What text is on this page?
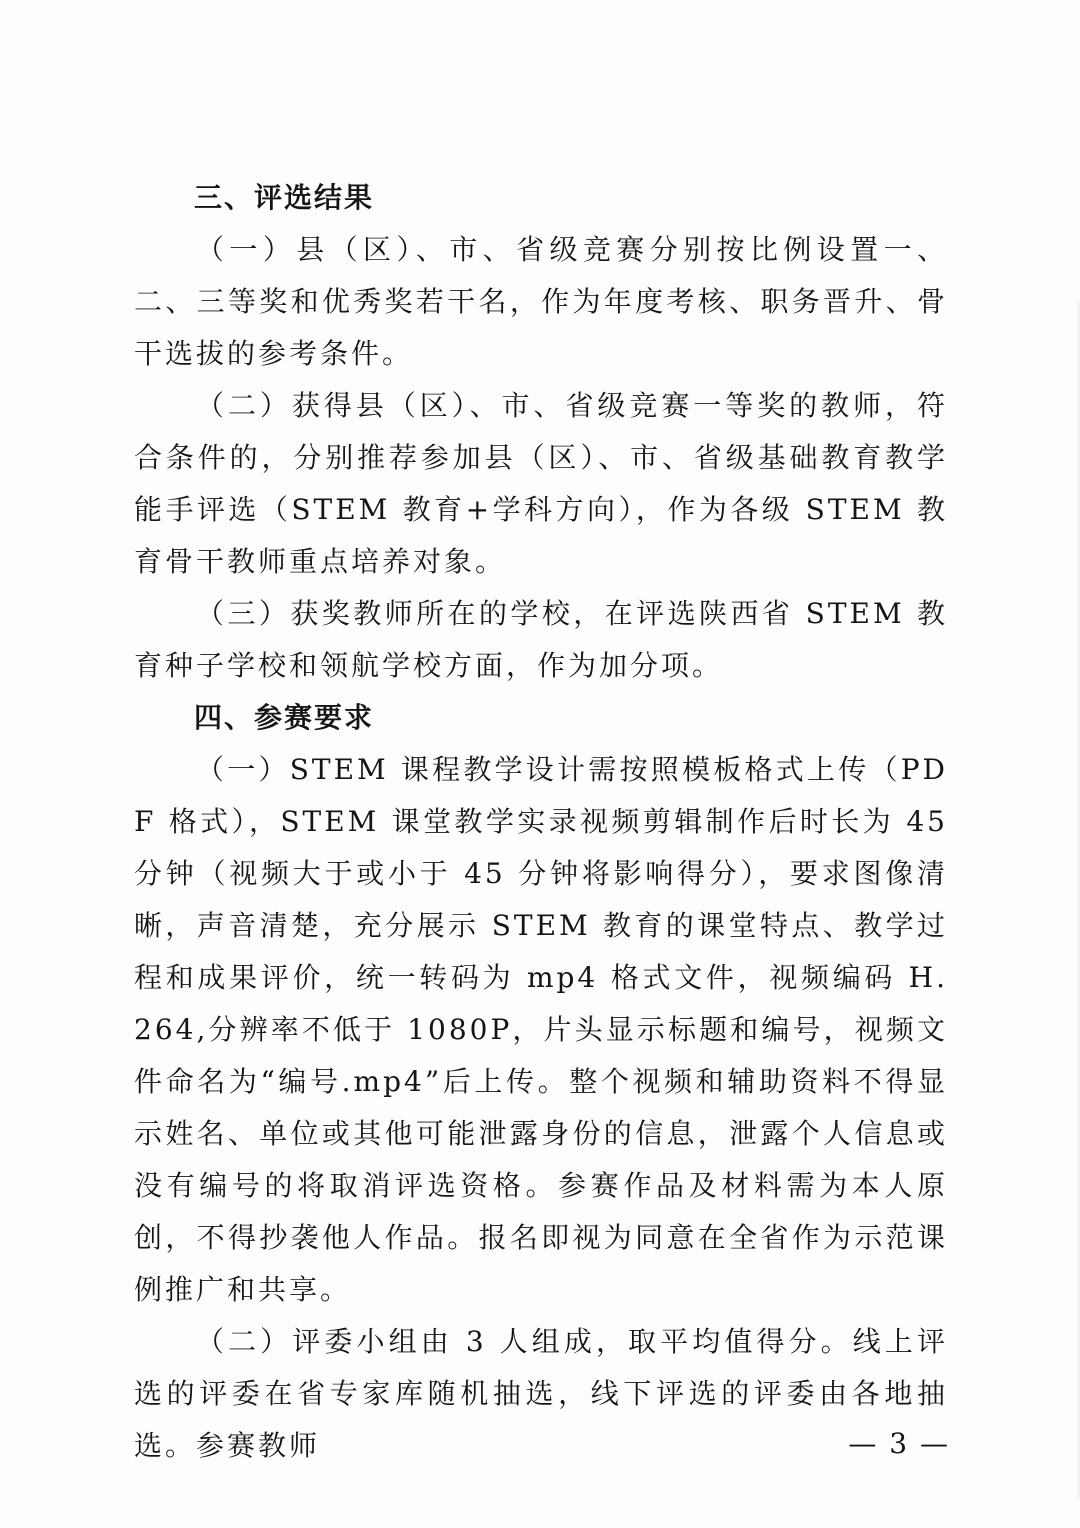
三、评选结果

（一）县（区）、市、省级竞赛分别按比例设置一、二、三等奖和优秀奖若干名，作为年度考核、职务晋升、骨干选拔的参考条件。

（二）获得县（区）、市、省级竞赛一等奖的教师，符合条件的，分别推荐参加县（区）、市、省级基础教育教学能手评选（STEM 教育+学科方向），作为各级 STEM 教育骨干教师重点培养对象。

（三）获奖教师所在的学校，在评选陕西省 STEM 教育种子学校和领航学校方面，作为加分项。

四、参赛要求

（一）STEM 课程教学设计需按照模板格式上传（PDF 格式），STEM 课堂教学实录视频剪辑制作后时长为 45 分钟（视频大于或小于 45 分钟将影响得分），要求图像清晰，声音清楚，充分展示 STEM 教育的课堂特点、教学过程和成果评价，统一转码为 mp4 格式文件，视频编码 H.264,分辨率不低于 1080P，片头显示标题和编号，视频文件命名为“编号.mp4”后上传。整个视频和辅助资料不得显示姓名、单位或其他可能泄露身份的信息，泄露个人信息或没有编号的将取消评选资格。参赛作品及材料需为本人原创，不得抄袭他人作品。报名即视为同意在全省作为示范课例推广和共享。

（二）评委小组由 3 人组成，取平均值得分。线上评选的评委在省专家库随机抽选，线下评选的评委由各地抽选。参赛教师	— 3 —
